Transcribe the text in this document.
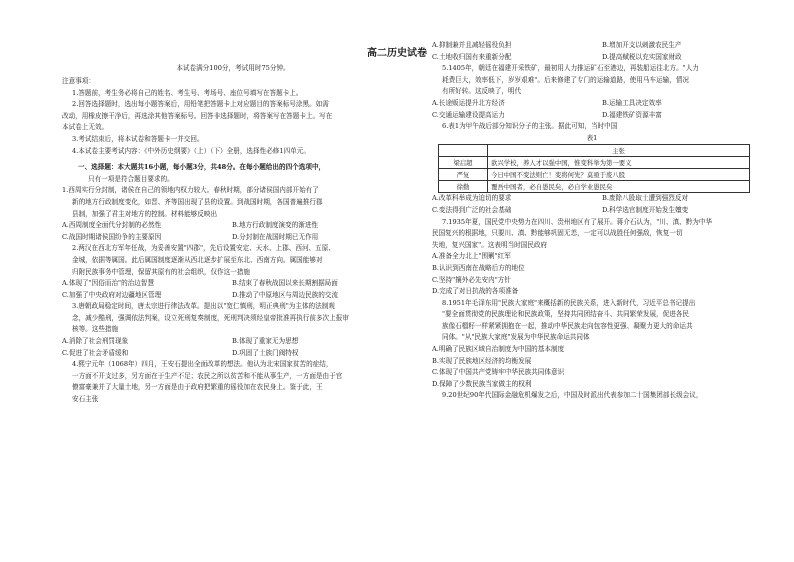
高二历史试卷
本试卷满分100分，考试用时75分钟。

注意事项：

1.答题前，考生务必将自己的姓名、考生号、考场号、座位号填写在答题卡上。

2.回答选择题时，选出每小题答案后，用铅笔把答题卡上对应题目的答案标号涂黑。如需

改动，用橡皮擦干净后，再选涂其他答案标号。回答非选择题时，将答案写在答题卡上。写在

本试卷上无效。

3.考试结束后，将本试卷和答题卡一并交回。

4.本试卷主要考试内容：《中外历史纲要》（上）（下）全册，选择性必修1四单元。

一、选择题：本大题共16小题，每小题3分，共48分。在每小题给出的四个选项中，

只有一项是符合题目要求的。

1.西周实行分封制，诸侯在自己的领地内权力较大。春秋时期，部分诸侯国内部开始有了

新的地方行政制度变化，如晋、齐等国出现了县的设置。到战国时期，各国普遍推行郡

县制，加强了君主对地方的控制。材料能够反映出

A.西周制度全面代分封制的必然性	B.地方行政制度演变的渐进性
C.战国时期诸侯国纷争的主要原因	D.分封制在战国时期已无作用

2.两汉在西北方军年任战，为妥善安置"四郡"，先后设置安定、天水、上郡、西河、五原、

金城，依据等属国。此后属国制度逐渐从西北逐步扩展至东北、西南方向。属国能够对

归附民族事务中管理，保留其原有的社会组织，仅作这一措施

A.体现了"因俗而治"的治边智慧	B.结束了春秋战国以来长期割据局面
C.加强了中央政府对边疆地区管理	D.推动了中原地区与周边民族的交流

3.唐朝政局稳定时间，唐太宗进行律法改革。提出以"宽仁慎刑，明正典刑"为主体的法制观

念，减少酷刑，强调依法判案，设立死刑复奏制度，死刑判决须经皇帝批准再执行前多次上报审

核等。这些措施

A.消除了社会刑罚现象	B.体现了重家无为思想
C.促进了社会矛盾缓和	D.巩固了士族门阀特权

4.熙宁元年（1068年）四月，王安石提出全面改革的想法。他认为北宋国家贫苦的症结，

一方面不开支过多，另方面在于生产不足；农民之所以贫苦和不能从事生产，一方面是由于官

僚富豪兼并了大量土地，另一方面是由于政府把繁重的徭役加在农民身上。鉴于此，王

安石主张

A.抑制兼并且减轻徭役负担	B.增加开支以刺激农民生产
C.土地收归国有来重新分配	D.提高赋税以充实国家财政

5.1405年，朝廷在福建开采铁矿，最初用人力推运矿石至港边，再装船运往北方。"人力

耗费巨大，效率低下，岁岁艰难"。后来修建了专门的运输道路，使用马车运输，情况

有所好转。这反映了，明代

A.长途贩运提升北方经济	B.运输工具决定效率
C.交通运输建设提高运力	D.福建铁矿资源丰富

6.表1为甲午战后部分知识分子的主张。据此可知，当时中国

表1

	主张
梁启超	欲兴学校，养人才以强中国，惟变科举为第一要义
严复	今日中国不变法则亡！变将何先？莫亟于废八股
徐勤	覆吾中国者，必自愚民矣，必自学业愚民矣
A.改革科举成为迫切的要求	B.废除八股取士遭到强烈反对
C.变法得到广泛的社会基础	D.科学选官制度开始发生嬗变

7.1935年夏，国民党中央势力在四川、贵州地区有了展开。蒋介石认为，"川、滇、黔为中华

民国复兴的根据地，只要川、滇、黔能够巩固无恙，一定可以战胜任何强敌，恢复一切

失地，复兴国家"。这表明当时国民政府

A.准备全力北上"围剿"红军

B.认识到西南在战略后方的地位

C.坚持"攘外必先安内"方针

D.完成了对日抗战的各项准备

8.1951年毛泽东用"民族大家庭"来概括新的民族关系，进入新时代，习近平总书记提出

"要全面贯彻党的民族理论和民族政策，坚持共同团结奋斗、共同繁荣发展，促进各民

族像石榴籽一样紧紧拥抱在一起，推动中华民族走向包容性更强、凝聚力更大的命运共

同体。"从"民族大家庭"发展为中华民族命运共同体

A.明确了民族区域自治制度为中国的基本制度

B.实现了民族地区经济的均衡发展

C.体现了中国共产党铸牢中华民族共同体意识

D.保障了少数民族当家做主的权利

9.20世纪90年代国际金融危机爆发之后，中国及时派出代表参加二十国集团部长级会议，
